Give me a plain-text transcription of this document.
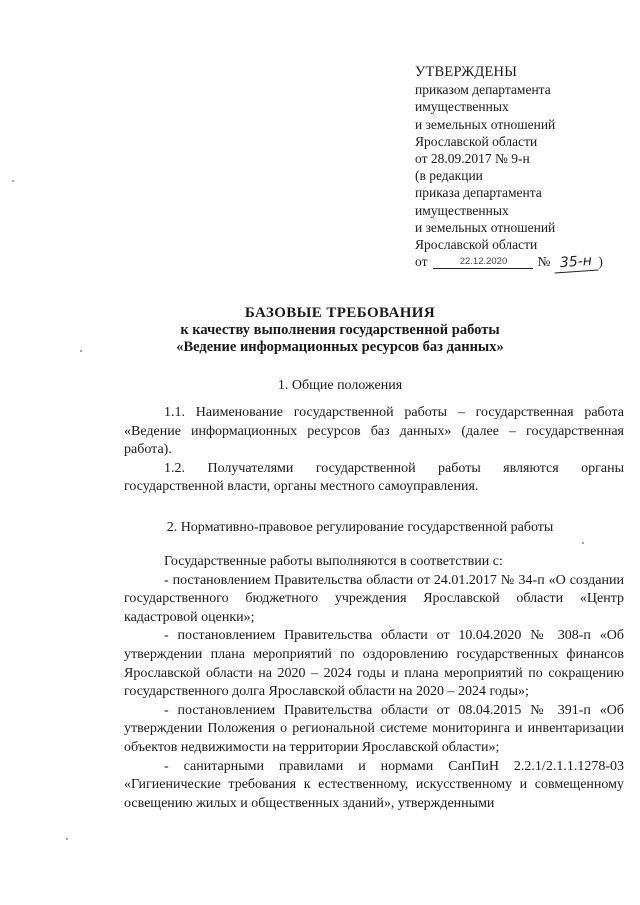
УТВЕРЖДЕНЫ
приказом департамента
имущественных
и земельных отношений
Ярославской области
от 28.09.2017 № 9-н
(в редакции
приказа департамента
имущественных
и земельных отношений
Ярославской области
от	22.12.2020 № 35-н )
БАЗОВЫЕ ТРЕБОВАНИЯ
к качеству выполнения государственной работы
«Ведение информационных ресурсов баз данных»
1. Общие положения

1.1. Наименование государственной работы – государственная работа «Ведение информационных ресурсов баз данных» (далее – государственная работа).

1.2. Получателями государственной работы являются органы государственной власти, органы местного самоуправления.

2. Нормативно-правовое регулирование государственной работы

Государственные работы выполняются в соответствии с:

- постановлением Правительства области от 24.01.2017 № 34-п «О создании государственного бюджетного учреждения Ярославской области «Центр кадастровой оценки»;

- постановлением Правительства области от 10.04.2020 № 308-п «Об утверждении плана мероприятий по оздоровлению государственных финансов Ярославской области на 2020 – 2024 годы и плана мероприятий по сокращению государственного долга Ярославской области на 2020 – 2024 годы»;

- постановлением Правительства области от 08.04.2015 № 391-п «Об утверждении Положения о региональной системе мониторинга и инвентаризации объектов недвижимости на территории Ярославской области»;

- санитарными правилами и нормами СанПиН 2.2.1/2.1.1.1278-03 «Гигиенические требования к естественному, искусственному и совмещенному освещению жилых и общественных зданий», утвержденными
